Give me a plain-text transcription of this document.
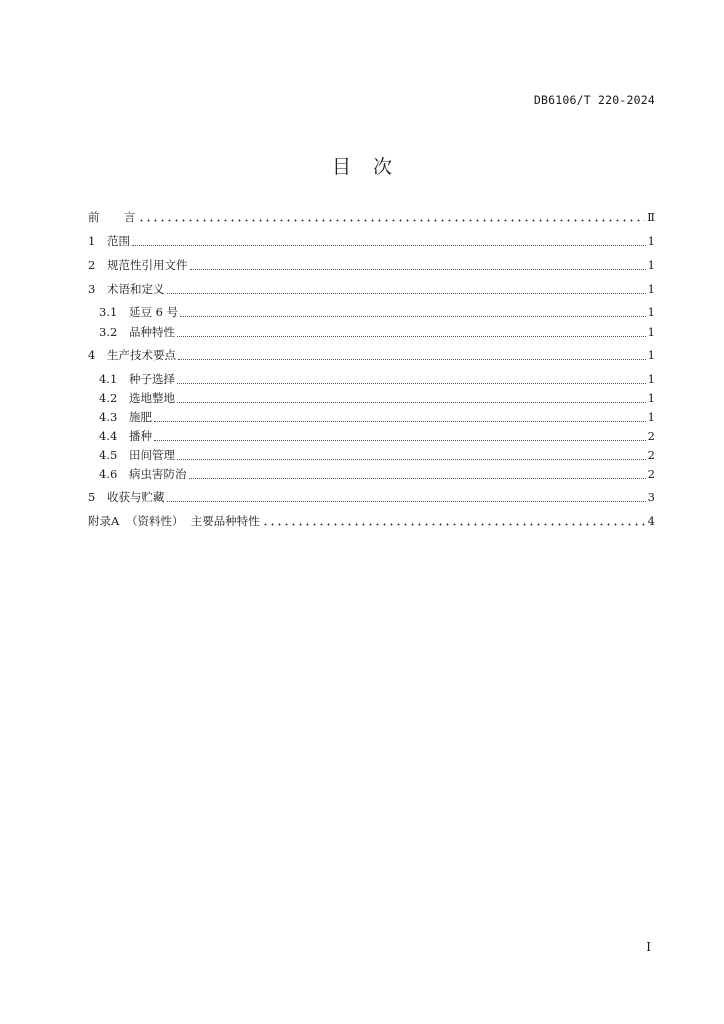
DB6106/T 220-2024
目 次
前	言	Ⅱ
1	范围	1
2	规范性引用文件	1
3	术语和定义	1
3.1	延豆 6 号	1
3.2	品种特性	1
4	生产技术要点	1
4.1	种子选择	1
4.2	选地整地	1
4.3	施肥	1
4.4	播种	2
4.5	田间管理	2
4.6	病虫害防治	2
5	收获与贮藏	3
附录A （资料性）  主要品种特性	4
I
